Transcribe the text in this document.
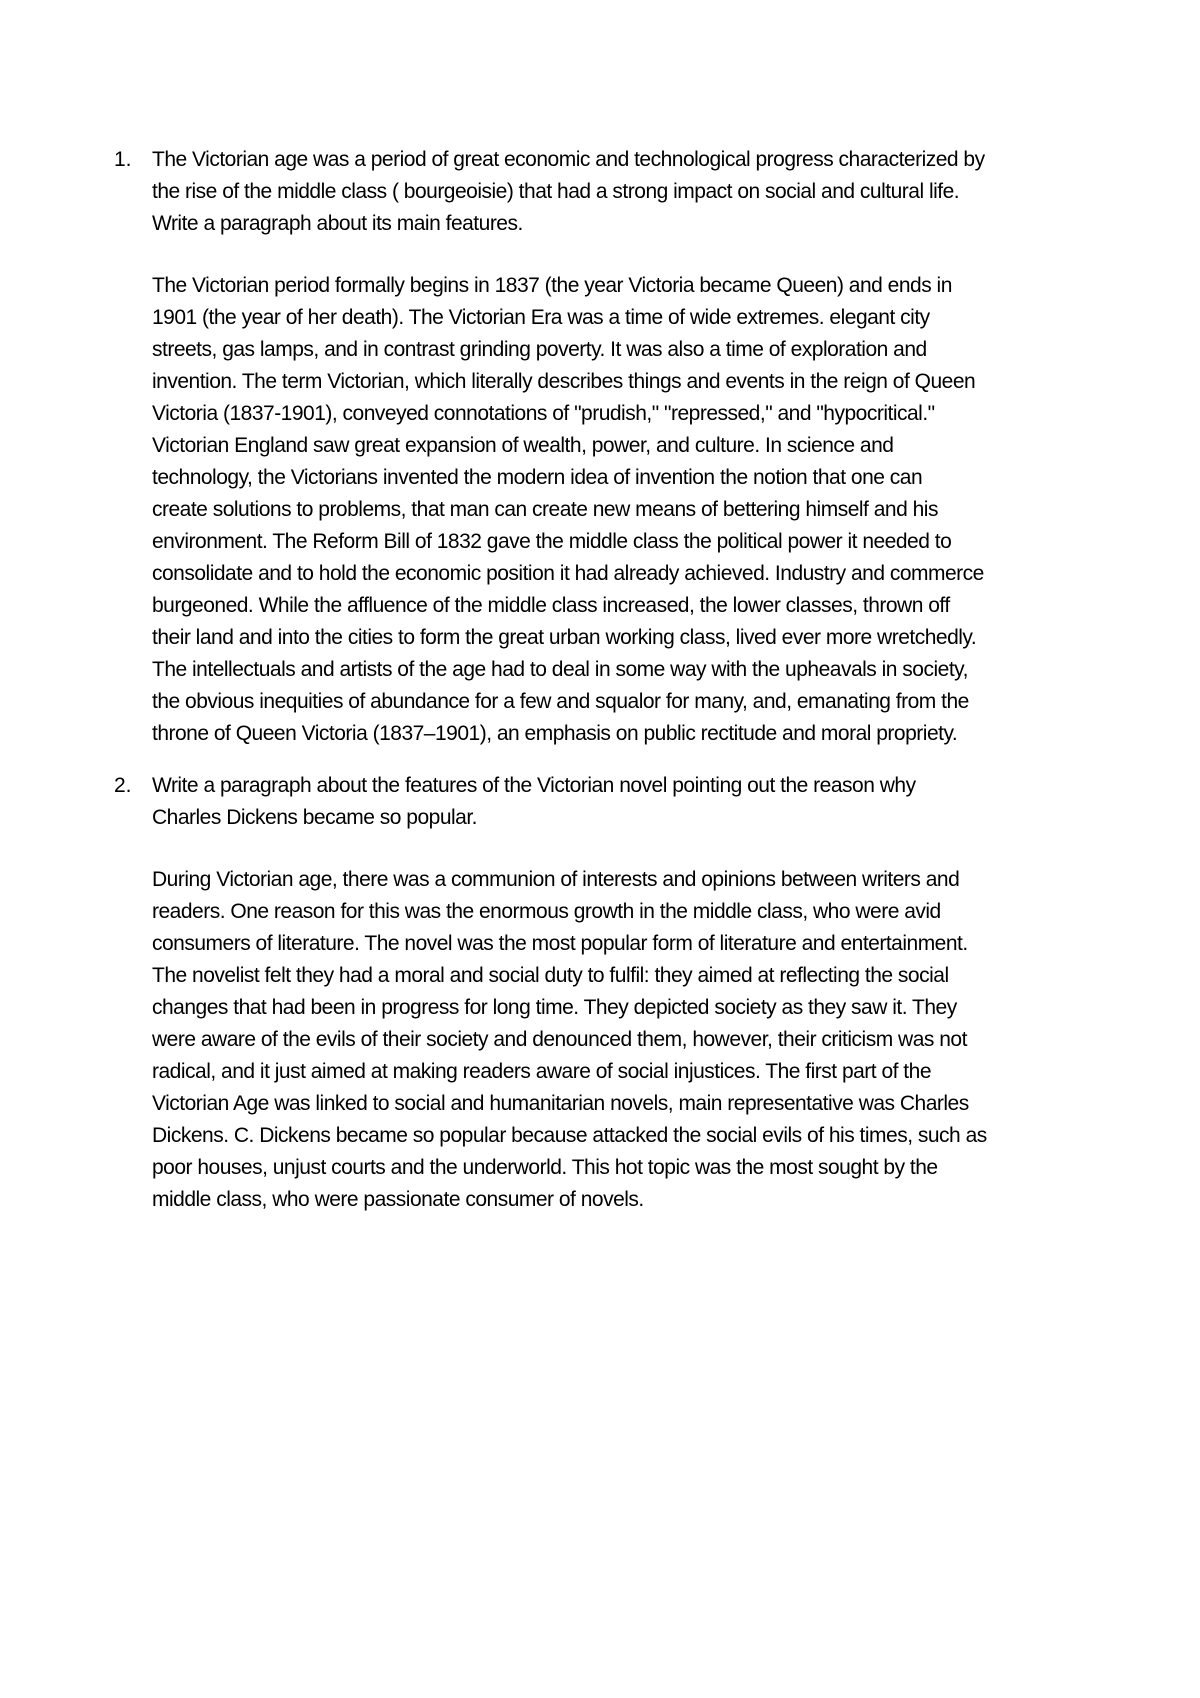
1. The Victorian age was a period of great economic and technological progress characterized by
the rise of the middle class ( bourgeoisie) that had a strong impact on social and cultural life.
Write a paragraph about its main features.
The Victorian period formally begins in 1837 (the year Victoria became Queen) and ends in
1901 (the year of her death). The Victorian Era was a time of wide extremes. elegant city
streets, gas lamps, and in contrast grinding poverty. It was also a time of exploration and
invention. The term Victorian, which literally describes things and events in the reign of Queen
Victoria (1837-1901), conveyed connotations of "prudish," "repressed," and "hypocritical."
Victorian England saw great expansion of wealth, power, and culture. In science and
technology, the Victorians invented the modern idea of invention the notion that one can
create solutions to problems, that man can create new means of bettering himself and his
environment. The Reform Bill of 1832 gave the middle class the political power it needed to
consolidate and to hold the economic position it had already achieved. Industry and commerce
burgeoned. While the affluence of the middle class increased, the lower classes, thrown off
their land and into the cities to form the great urban working class, lived ever more wretchedly.
The intellectuals and artists of the age had to deal in some way with the upheavals in society,
the obvious inequities of abundance for a few and squalor for many, and, emanating from the
throne of Queen Victoria (1837–1901), an emphasis on public rectitude and moral propriety.
2. Write a paragraph about the features of the Victorian novel pointing out the reason why
Charles Dickens became so popular.
During Victorian age, there was a communion of interests and opinions between writers and
readers. One reason for this was the enormous growth in the middle class, who were avid
consumers of literature. The novel was the most popular form of literature and entertainment.
The novelist felt they had a moral and social duty to fulfil: they aimed at reflecting the social
changes that had been in progress for long time. They depicted society as they saw it. They
were aware of the evils of their society and denounced them, however, their criticism was not
radical, and it just aimed at making readers aware of social injustices. The first part of the
Victorian Age was linked to social and humanitarian novels, main representative was Charles
Dickens. C. Dickens became so popular because attacked the social evils of his times, such as
poor houses, unjust courts and the underworld. This hot topic was the most sought by the
middle class, who were passionate consumer of novels.
